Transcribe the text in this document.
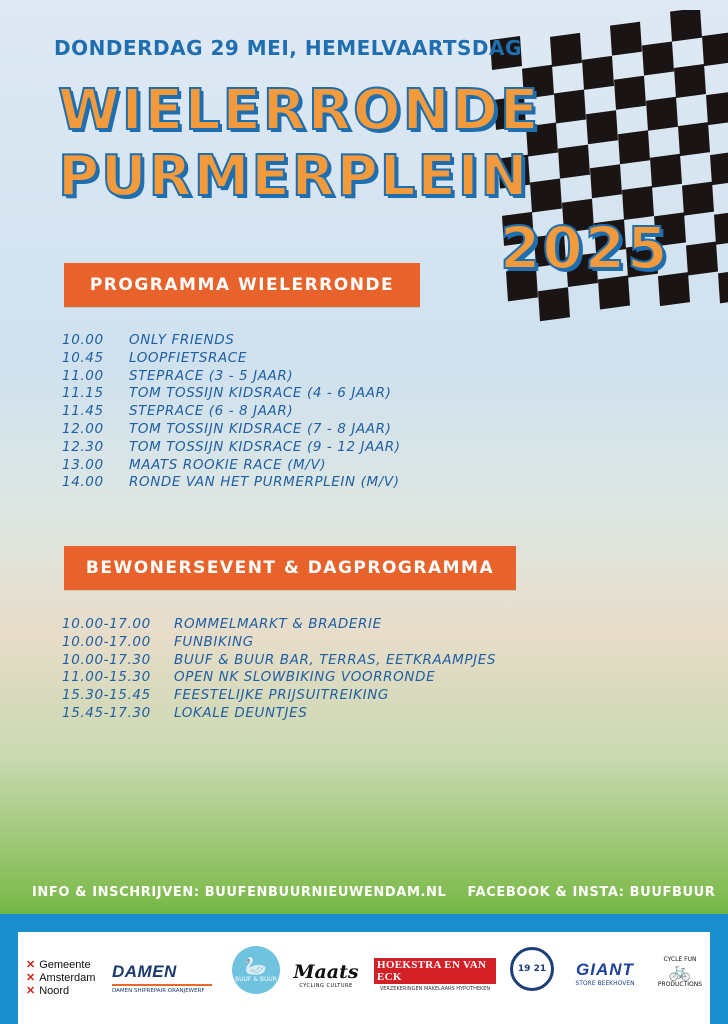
DONDERDAG 29 MEI, HEMELVAARTSDAG
WIELERRONDE
PURMERPLEIN
2025
PROGRAMMA WIELERRONDE
10.00	ONLY FRIENDS
10.45	LOOPFIETSRACE
11.00	STEPRACE (3 - 5 JAAR)
11.15	TOM TOSSIJN KIDSRACE (4 - 6 JAAR)
11.45	STEPRACE (6 - 8 JAAR)
12.00	TOM TOSSIJN KIDSRACE (7 - 8 JAAR)
12.30	TOM TOSSIJN KIDSRACE (9 - 12 JAAR)
13.00	MAATS ROOKIE RACE (M/V)
14.00	RONDE VAN HET PURMERPLEIN (M/V)
BEWONERSEVENT & DAGPROGRAMMA
10.00-17.00	ROMMELMARKT & BRADERIE
10.00-17.00	FUNBIKING
10.00-17.30	BUUF & BUUR BAR, TERRAS, EETKRAAMPJES
11.00-15.30	OPEN NK SLOWBIKING VOORRONDE
15.30-15.45	FEESTELIJKE PRIJSUITREIKING
15.45-17.30	LOKALE DEUNTJES
INFO & INSCHRIJVEN: BUUFENBUURNIEUWENDAM.NL FACEBOOK & INSTA: BUUFBUUR
✕ Gemeente
✕ Amsterdam
✕ Noord
DAMEN
DAMEN SHIPREPAIR ORANJEWERF
🦢
BUUF & BUUR Maats
CYCLING CULTURE
HOEKSTRA EN VAN ECK
VERZEKERINGEN MAKELAARS HYPOTHEKEN
19 21 GIANT
STORE BEEKHOVEN
CYCLE FUN
🚲
PRODUCTIONS
